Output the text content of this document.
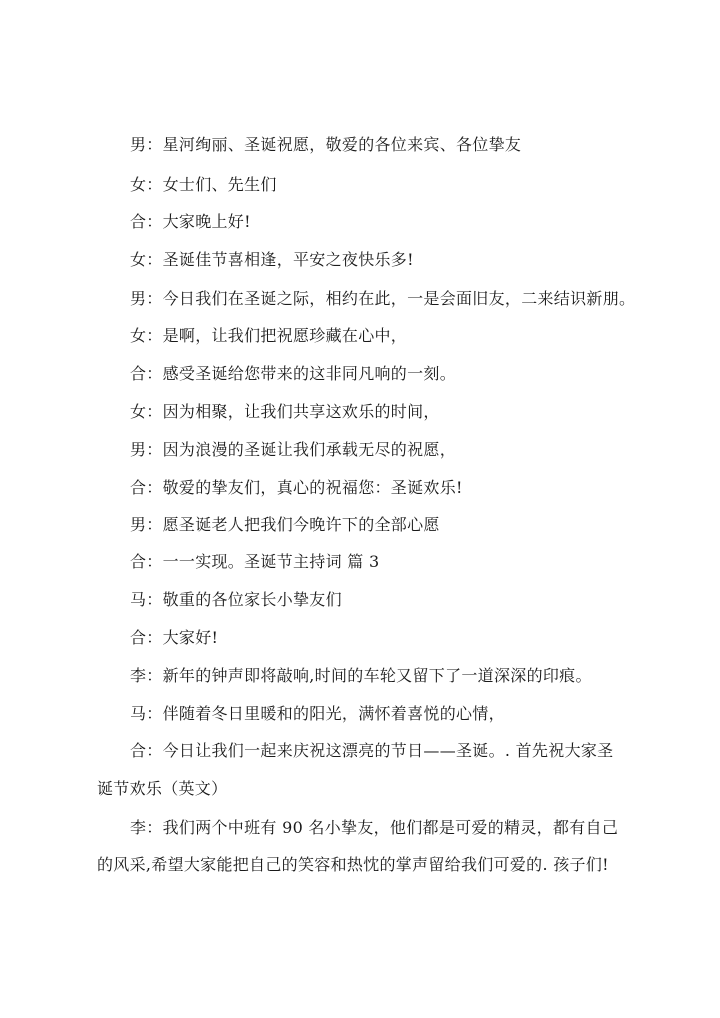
男：星河绚丽、圣诞祝愿，敬爱的各位来宾、各位挚友
女：女士们、先生们
合：大家晚上好!
女：圣诞佳节喜相逢，平安之夜快乐多!
男：今日我们在圣诞之际，相约在此，一是会面旧友，二来结识新朋。
女：是啊，让我们把祝愿珍藏在心中，
合：感受圣诞给您带来的这非同凡响的一刻。
女：因为相聚，让我们共享这欢乐的时间，
男：因为浪漫的圣诞让我们承载无尽的祝愿，
合：敬爱的挚友们，真心的祝福您：圣诞欢乐!
男：愿圣诞老人把我们今晚许下的全部心愿
合：一一实现。圣诞节主持词 篇 3
马：敬重的各位家长小挚友们
合：大家好!
李：新年的钟声即将敲响,时间的车轮又留下了一道深深的印痕。
马：伴随着冬日里暖和的阳光，满怀着喜悦的心情，
合：今日让我们一起来庆祝这漂亮的节日——圣诞。. 首先祝大家圣
诞节欢乐（英文）
李：我们两个中班有 90 名小挚友，他们都是可爱的精灵，都有自己
的风采,希望大家能把自己的笑容和热忱的掌声留给我们可爱的. 孩子们!
